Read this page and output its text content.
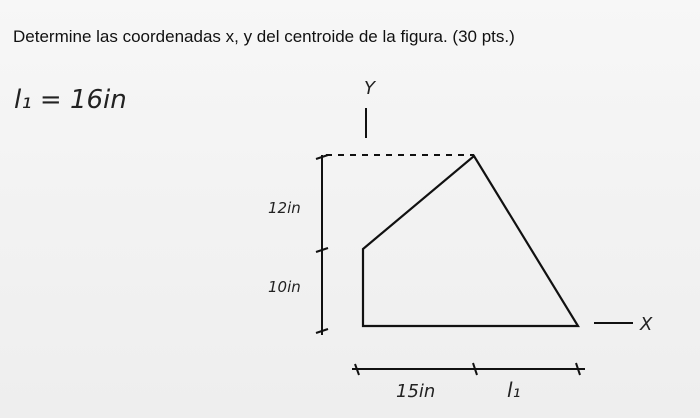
Determine las coordenadas x, y del centroide de la figura. (30 pts.)
l₁ = 16in	Y
X
12in
10in
15in	l₁
